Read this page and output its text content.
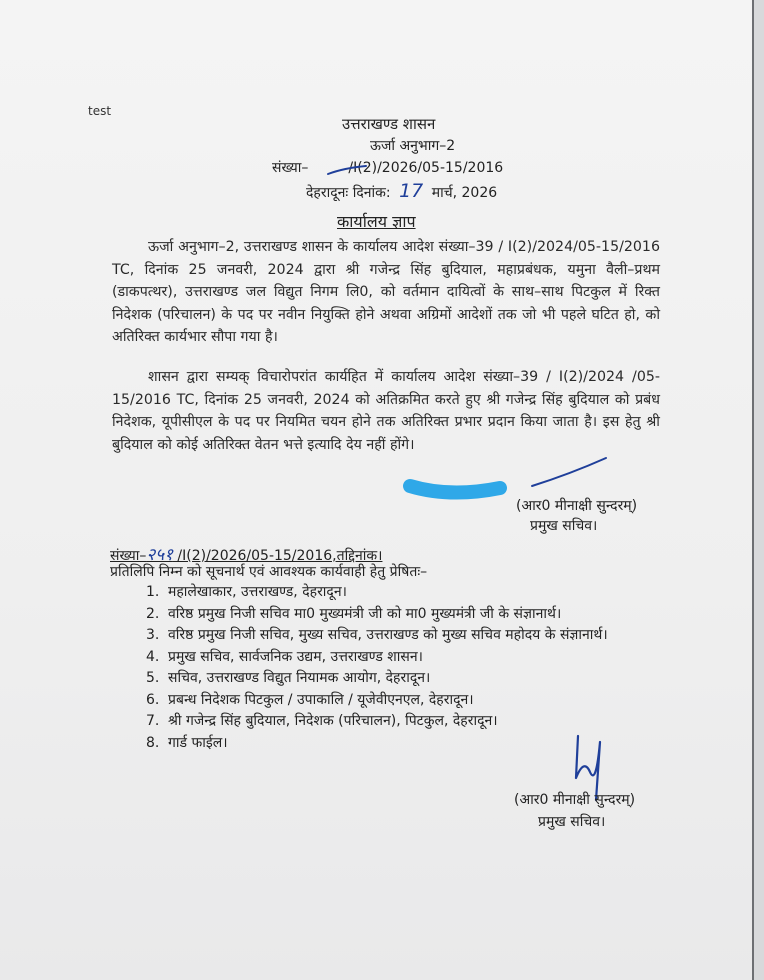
test
उत्तराखण्ड शासन
ऊर्जा अनुभाग–2
संख्या–	/I(2)/2026/05-15/2016
देहरादूनः दिनांक: 17 मार्च, 2026
कार्यालय ज्ञाप
ऊर्जा अनुभाग–2, उत्तराखण्ड शासन के कार्यालय आदेश संख्या–39 / I(2)/2024/05-15/2016 TC, दिनांक 25 जनवरी, 2024 द्वारा श्री गजेन्द्र सिंह बुदियाल, महाप्रबंधक, यमुना वैली–प्रथम (डाकपत्थर), उत्तराखण्ड जल विद्युत निगम लि0, को वर्तमान दायित्वों के साथ–साथ पिटकुल में रिक्त निदेशक (परिचालन) के पद पर नवीन नियुक्ति होने अथवा अग्रिमों आदेशों तक जो भी पहले घटित हो, को अतिरिक्त कार्यभार सौपा गया है।
शासन द्वारा सम्यक् विचारोपरांत कार्यहित में कार्यालय आदेश संख्या–39 / I(2)/2024 /05-15/2016 TC, दिनांक 25 जनवरी, 2024 को अतिक्रमित करते हुए श्री गजेन्द्र सिंह बुदियाल को प्रबंध निदेशक, यूपीसीएल के पद पर नियमित चयन होने तक अतिरिक्त प्रभार प्रदान किया जाता है। इस हेतु श्री बुदियाल को कोई अतिरिक्त वेतन भत्ते इत्यादि देय नहीं होंगे।
(आर0 मीनाक्षी सुन्दरम्)
प्रमुख सचिव।
संख्या–२५१ /I(2)/2026/05-15/2016,तद्दिनांक।
प्रतिलिपि निम्न को सूचनार्थ एवं आवश्यक कार्यवाही हेतु प्रेषितः–
1. महालेखाकार, उत्तराखण्ड, देहरादून।
2. वरिष्ठ प्रमुख निजी सचिव मा0 मुख्यमंत्री जी को मा0 मुख्यमंत्री जी के संज्ञानार्थ।
3. वरिष्ठ प्रमुख निजी सचिव, मुख्य सचिव, उत्तराखण्ड को मुख्य सचिव महोदय के संज्ञानार्थ।
4. प्रमुख सचिव, सार्वजनिक उद्यम, उत्तराखण्ड शासन।
5. सचिव, उत्तराखण्ड विद्युत नियामक आयोग, देहरादून।
6. प्रबन्ध निदेशक पिटकुल / उपाकालि / यूजेवीएनएल, देहरादून।
7. श्री गजेन्द्र सिंह बुदियाल, निदेशक (परिचालन), पिटकुल, देहरादून।
8. गार्ड फाईल।
(आर0 मीनाक्षी सुन्दरम्)
प्रमुख सचिव।
